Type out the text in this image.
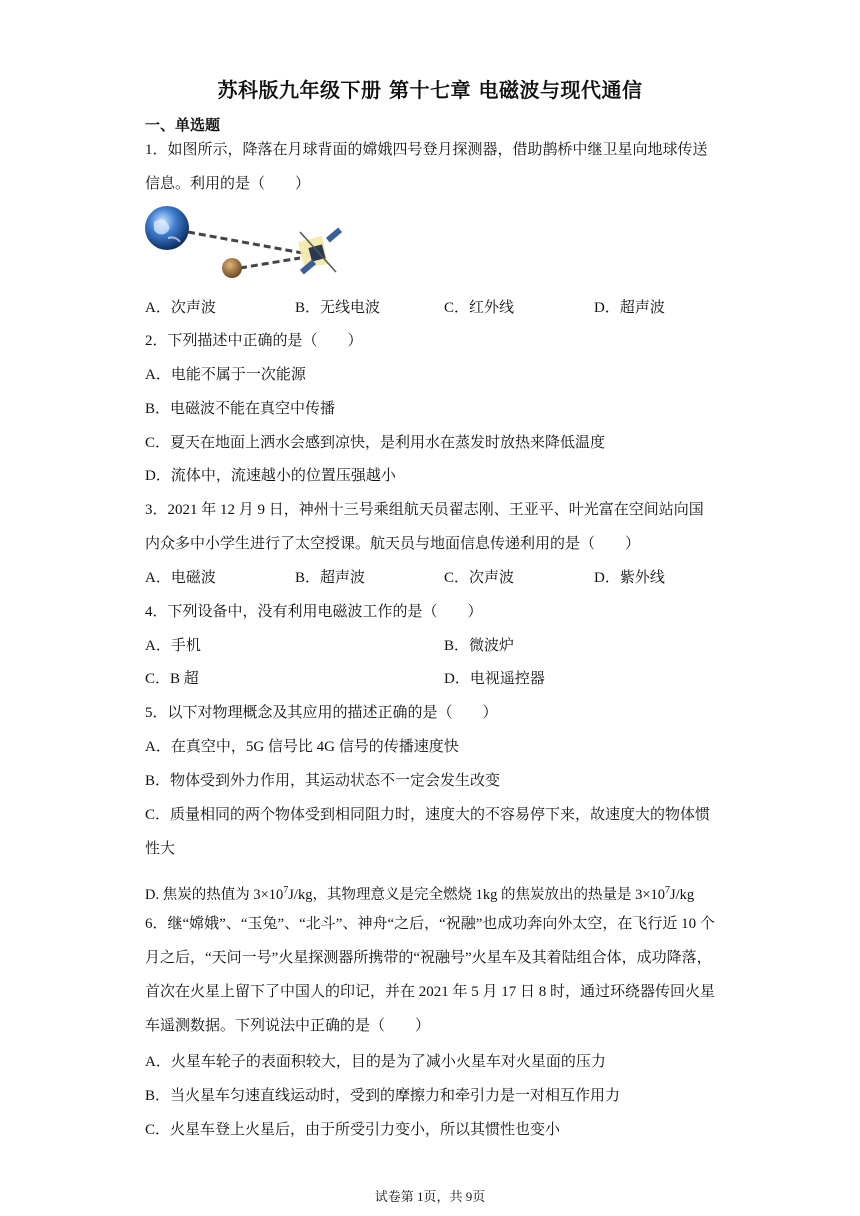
苏科版九年级下册 第十七章 电磁波与现代通信
一、单选题
1．如图所示，降落在月球背面的嫦娥四号登月探测器，借助鹊桥中继卫星向地球传送
信息。利用的是（　　）
A．次声波	B．无线电波	C．红外线	D．超声波
2．下列描述中正确的是（　　）
A．电能不属于一次能源
B．电磁波不能在真空中传播
C．夏天在地面上洒水会感到凉快，是利用水在蒸发时放热来降低温度
D．流体中，流速越小的位置压强越小
3．2021 年 12 月 9 日，神州十三号乘组航天员翟志刚、王亚平、叶光富在空间站向国
内众多中小学生进行了太空授课。航天员与地面信息传递利用的是（　　）
A．电磁波	B．超声波	C．次声波	D．紫外线
4．下列设备中，没有利用电磁波工作的是（　　）
A．手机	B．微波炉
C．B 超	D．电视遥控器
5．以下对物理概念及其应用的描述正确的是（　　）
A．在真空中，5G 信号比 4G 信号的传播速度快
B．物体受到外力作用，其运动状态不一定会发生改变
C．质量相同的两个物体受到相同阻力时，速度大的不容易停下来，故速度大的物体惯
性大
D. 焦炭的热值为 $3\times 10^7J/kg$，其物理意义是完全燃烧 1kg 的焦炭放出的热量是 $3\times 10^7J/kg$
6．继“嫦娥”、“玉兔”、“北斗”、神舟“之后，“祝融”也成功奔向外太空，在飞行近 10 个
月之后，“天问一号”火星探测器所携带的“祝融号”火星车及其着陆组合体，成功降落，
首次在火星上留下了中国人的印记，并在 2021 年 5 月 17 日 8 时，通过环绕器传回火星
车遥测数据。下列说法中正确的是（　　）
A．火星车轮子的表面积较大，目的是为了减小火星车对火星面的压力
B．当火星车匀速直线运动时，受到的摩擦力和牵引力是一对相互作用力
C．火星车登上火星后，由于所受引力变小，所以其惯性也变小
试卷第 1页，共 9页
